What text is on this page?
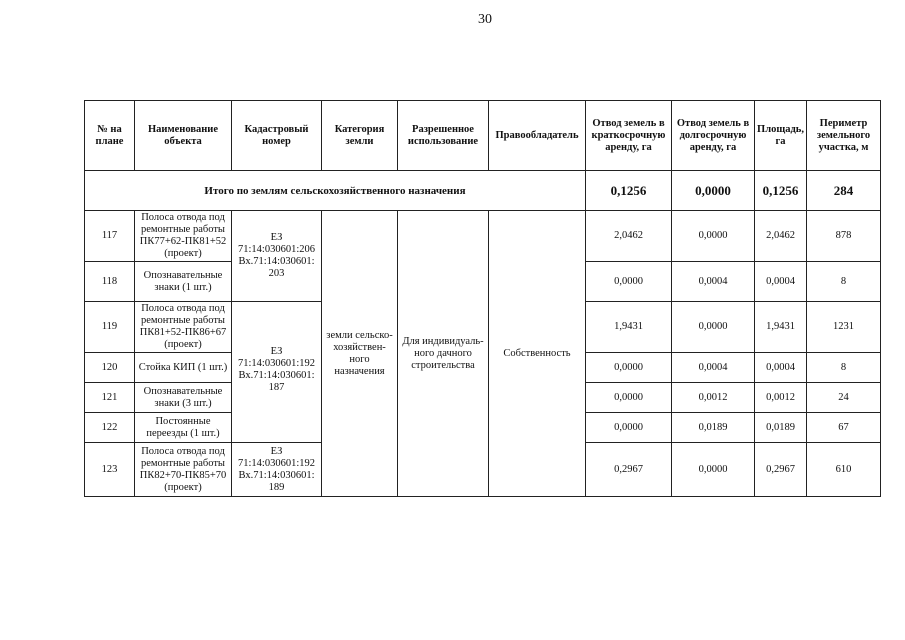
30
№ на плане	Наименование объекта	Кадастровый номер	Категория земли	Разрешенное использование	Правообладатель	Отвод земель в краткосрочную аренду, га	Отвод земель в долгосрочную аренду, га	Площадь, га	Периметр земельного участка, м
Итого по землям сельскохозяйственного назначения						0,1256	0,0000	0,1256	284
117	Полоса отвода под ремонтные работы ПК77+62-ПК81+52 (проект)	ЕЗ 71:14:030601:206 Вх.71:14:030601: 203	земли сельско-хозяйствен-ного назначения	Для индивидуаль-ного дачного строительства	Собственность	2,0462	0,0000	2,0462	878
118	Опознавательные знаки (1 шт.)					0,0000	0,0004	0,0004	8
119	Полоса отвода под ремонтные работы ПК81+52-ПК86+67 (проект)	ЕЗ 71:14:030601:192 Вх.71:14:030601: 187				1,9431	0,0000	1,9431	1231
120	Стойка КИП (1 шт.)					0,0000	0,0004	0,0004	8
121	Опознавательные знаки (3 шт.)					0,0000	0,0012	0,0012	24
122	Постоянные переезды (1 шт.)					0,0000	0,0189	0,0189	67
123	Полоса отвода под ремонтные работы ПК82+70-ПК85+70 (проект)	ЕЗ 71:14:030601:192 Вх.71:14:030601: 189				0,2967	0,0000	0,2967	610
